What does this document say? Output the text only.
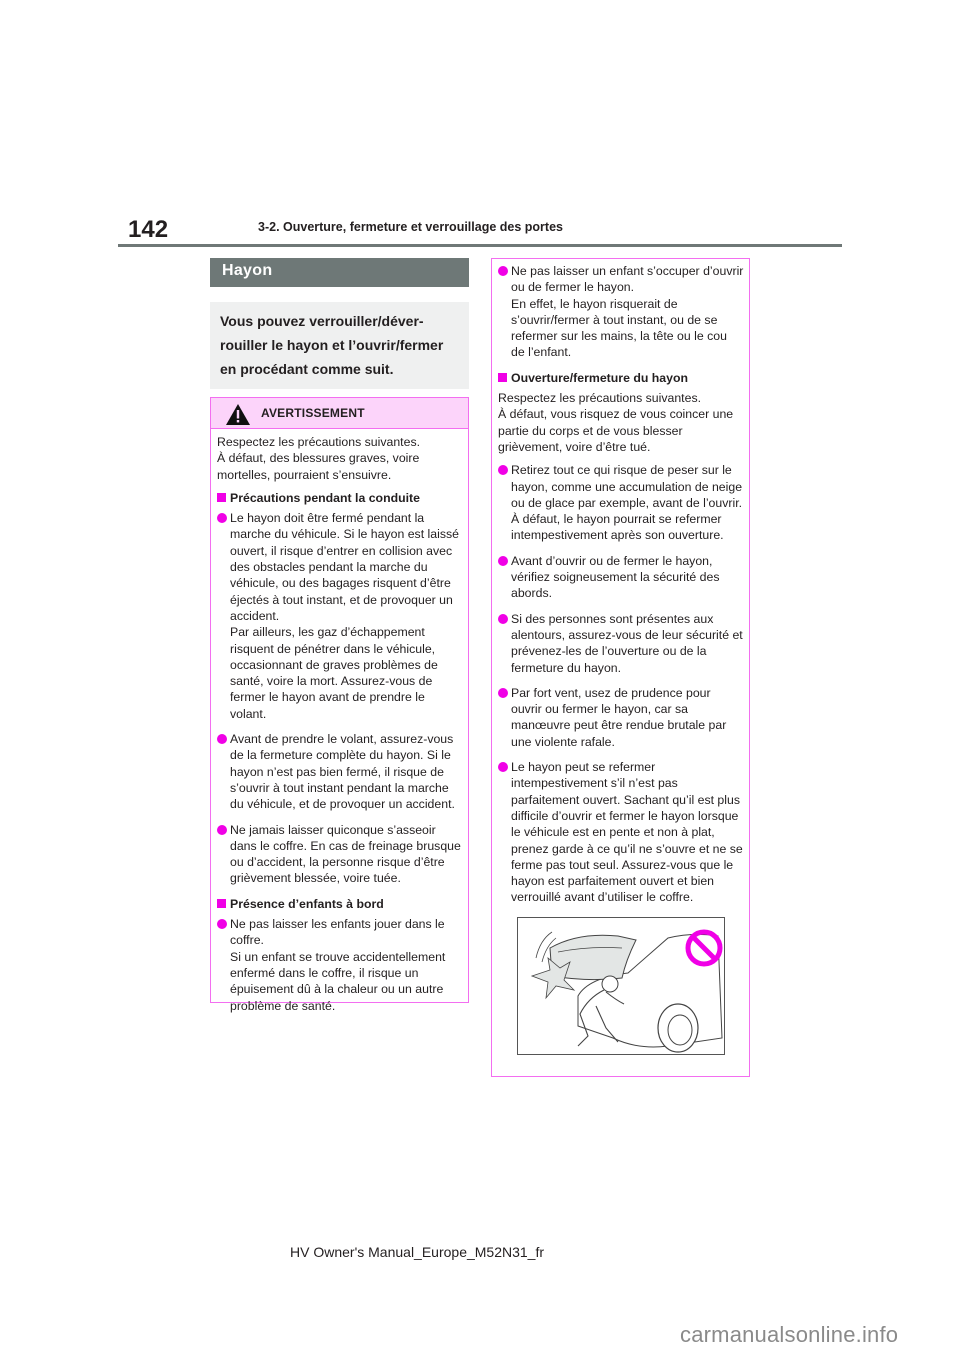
142	3-2. Ouverture, fermeture et verrouillage des portes
Hayon
Vous pouvez verrouiller/déver-rouiller le hayon et l’ouvrir/fermer en procédant comme suit.
AVERTISSEMENT
Respectez les précautions suivantes.
À défaut, des blessures graves, voire mortelles, pourraient s’ensuivre.
Précautions pendant la conduite
Le hayon doit être fermé pendant la marche du véhicule. Si le hayon est laissé ouvert, il risque d’entrer en collision avec des obstacles pendant la marche du véhicule, ou des bagages risquent d’être éjectés à tout instant, et de provoquer un accident.
Par ailleurs, les gaz d’échappement risquent de pénétrer dans le véhicule, occasionnant de graves problèmes de santé, voire la mort. Assurez-vous de fermer le hayon avant de prendre le volant.
Avant de prendre le volant, assurez-vous de la fermeture complète du hayon. Si le hayon n’est pas bien fermé, il risque de s’ouvrir à tout instant pendant la marche du véhicule, et de provoquer un accident.
Ne jamais laisser quiconque s’asseoir dans le coffre. En cas de freinage brusque ou d’accident, la personne risque d’être grièvement blessée, voire tuée.
Présence d’enfants à bord
Ne pas laisser les enfants jouer dans le coffre.
Si un enfant se trouve accidentellement enfermé dans le coffre, il risque un épuisement dû à la chaleur ou un autre problème de santé.
Ne pas laisser un enfant s’occuper d’ouvrir ou de fermer le hayon.
En effet, le hayon risquerait de s’ouvrir/fermer à tout instant, ou de se refermer sur les mains, la tête ou le cou de l’enfant.
Ouverture/fermeture du hayon
Respectez les précautions suivantes.
À défaut, vous risquez de vous coincer une partie du corps et de vous blesser grièvement, voire d’être tué.
Retirez tout ce qui risque de peser sur le hayon, comme une accumulation de neige ou de glace par exemple, avant de l’ouvrir. À défaut, le hayon pourrait se refermer intempestivement après son ouverture.
Avant d’ouvrir ou de fermer le hayon, vérifiez soigneusement la sécurité des abords.
Si des personnes sont présentes aux alentours, assurez-vous de leur sécurité et prévenez-les de l’ouverture ou de la fermeture du hayon.
Par fort vent, usez de prudence pour ouvrir ou fermer le hayon, car sa manœuvre peut être rendue brutale par une violente rafale.
Le hayon peut se refermer intempestivement s’il n’est pas parfaitement ouvert. Sachant qu’il est plus difficile d’ouvrir et fermer le hayon lorsque le véhicule est en pente et non à plat, prenez garde à ce qu’il ne s’ouvre et ne se ferme pas tout seul. Assurez-vous que le hayon est parfaitement ouvert et bien verrouillé avant d’utiliser le coffre.
HV Owner's Manual_Europe_M52N31_fr
carmanualsonline.info
